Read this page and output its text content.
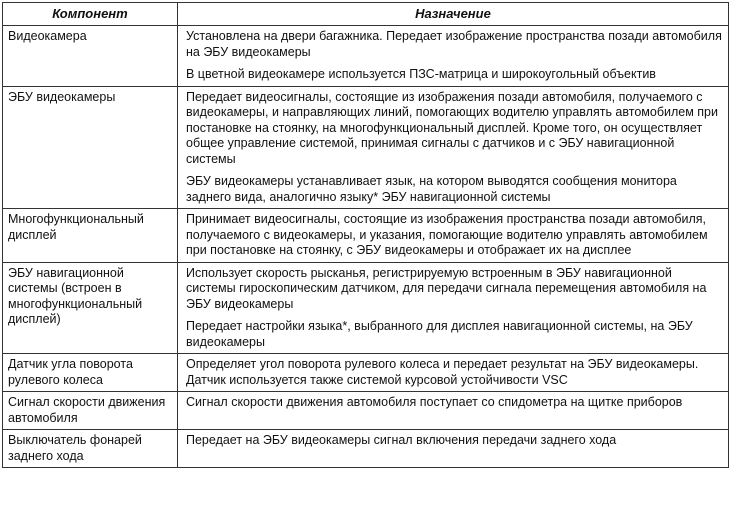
Компонент	Назначение
Видеокамера	Установлена на двери багажника. Передает изображение пространства позади автомобиля на ЭБУ видеокамеры
В цветной видеокамере используется ПЗС-матрица и широкоугольный объектив

ЭБУ видеокамеры	Передает видеосигналы, состоящие из изображения позади автомобиля, получаемого с видеокамеры, и направляющих линий, помогающих водителю управлять автомобилем при постановке на стоянку, на многофункциональный дисплей. Кроме того, он осуществляет общее управление системой, принимая сигналы с датчиков и с ЭБУ навигационной системы
ЭБУ видеокамеры устанавливает язык, на котором выводятся сообщения монитора заднего вида, аналогично языку* ЭБУ навигационной системы

Многофункциональный дисплей	Принимает видеосигналы, состоящие из изображения пространства позади автомобиля, получаемого с видеокамеры, и указания, помогающие водителю управлять автомобилем при постановке на стоянку, с ЭБУ видеокамеры и отображает их на дисплее

ЭБУ навигационной системы (встроен в многофункциональный дисплей)	Использует скорость рысканья, регистрируемую встроенным в ЭБУ навигационной системы гироскопическим датчиком, для передачи сигнала перемещения автомобиля на ЭБУ видеокамеры
Передает настройки языка*, выбранного для дисплея навигационной системы, на ЭБУ видеокамеры

Датчик угла поворота рулевого колеса	Определяет угол поворота рулевого колеса и передает результат на ЭБУ видеокамеры. Датчик используется также системой курсовой устойчивости VSC

Сигнал скорости движения автомобиля	Сигнал скорости движения автомобиля поступает со спидометра на щитке приборов

Выключатель фонарей заднего хода	Передает на ЭБУ видеокамеры сигнал включения передачи заднего хода
